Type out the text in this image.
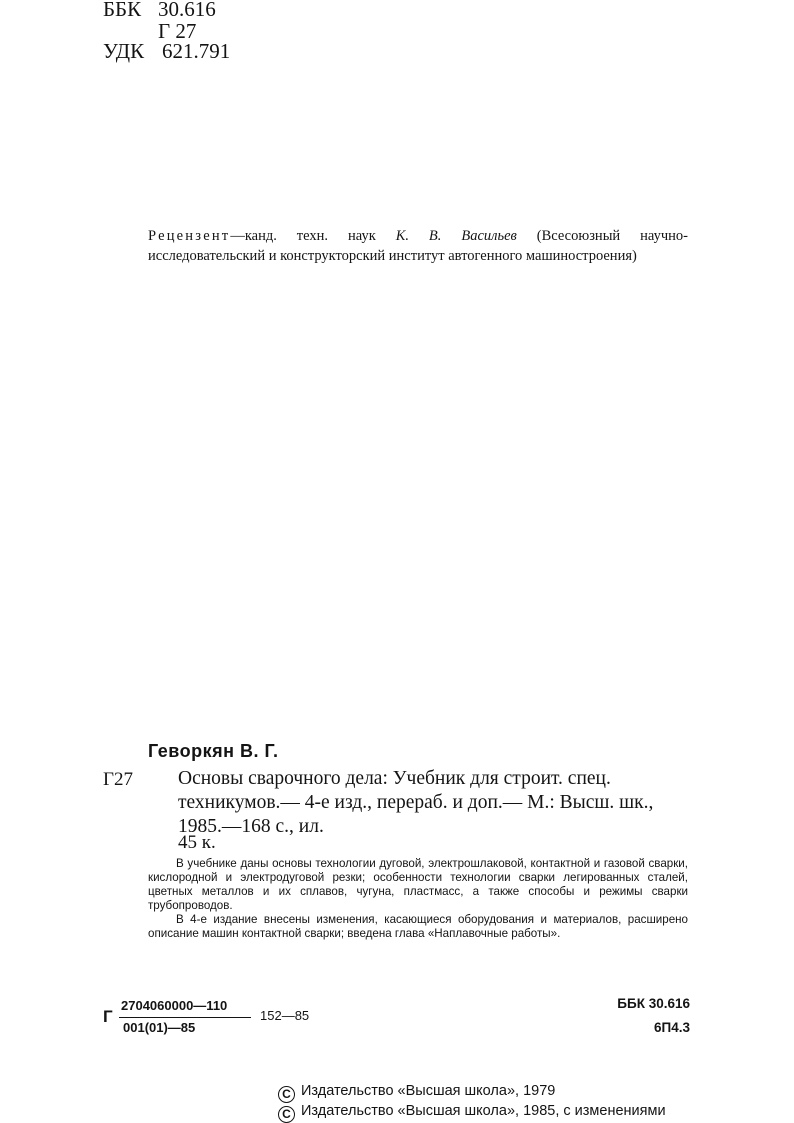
ББК 30.616
Г 27
УДК 621.791
Рецензент—канд. техн. наук К. В. Васильев (Всесоюзный научно-исследовательский и конструкторский институт автогенного машиностроения)
Геворкян В. Г.
Г27 Основы сварочного дела: Учебник для строит. спец.
техникумов.— 4-е изд., перераб. и доп.— М.: Высш. шк.,
1985.—168 с., ил.
45 к.

В учебнике даны основы технологии дуговой, электрошлаковой, контактной и газовой сварки, кислородной и электродуговой резки; особенности технологии сварки легированных сталей, цветных металлов и их сплавов, чугуна, пластмасс, а также способы и режимы сварки трубопроводов.

В 4-е издание внесены изменения, касающиеся оборудования и материалов, расширено описание машин контактной сварки; введена глава «Наплавочные работы».

Г
2704060000—110
001(01)—85
152—85
ББК 30.616
6П4.3
C Издательство «Высшая школа», 1979
C Издательство «Высшая школа», 1985, с изменениями
